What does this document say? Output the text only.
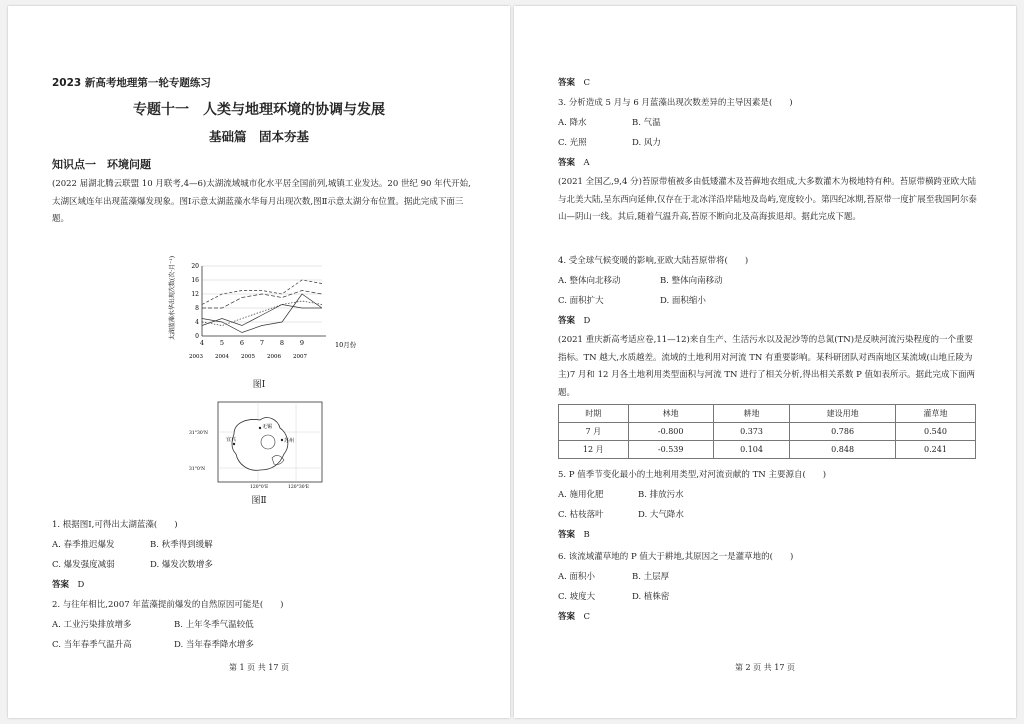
2023 新高考地理第一轮专题练习
专题十一　人类与地理环境的协调与发展
基础篇　固本夯基
知识点一　环境问题
(2022 届湖北腾云联盟 10 月联考,4—6)太湖流域城市化水平居全国前列,城镇工业发达。20 世纪 90 年代开始,太湖区域连年出现蓝藻爆发现象。图Ⅰ示意太湖蓝藻水华每月出现次数,图Ⅱ示意太湖分布位置。据此完成下面三题。
0
4
8
12
16
20
4 5 6 7 8 9
2003 2004 2005 2006 2007
太湖蓝藻水华出现次数(次·月⁻¹)
10月份
图Ⅰ
无锡
苏州
宜兴
31°30'N
31°0'N
120°0'E	120°30'E
图Ⅱ
1. 根据图Ⅰ,可得出太湖蓝藻(　　)
A. 春季推迟爆发	B. 秋季得到缓解
C. 爆发强度减弱	D. 爆发次数增多
答案　 D
2. 与往年相比,2007 年蓝藻提前爆发的自然原因可能是(　　)
A. 工业污染排放增多	B. 上年冬季气温较低
C. 当年春季气温升高	D. 当年春季降水增多
第 1 页 共 17 页
答案　 C
3. 分析造成 5 月与 6 月蓝藻出现次数差异的主导因素是(　　)
A. 降水	B. 气温
C. 光照	D. 风力
答案　 A
(2021 全国乙,9,4 分)苔原带植被多由低矮灌木及苔藓地衣组成,大多数灌木为极地特有种。苔原带横跨亚欧大陆与北美大陆,呈东西向延伸,仅存在于北冰洋沿岸陆地及岛屿,宽度较小。第四纪冰期,苔原带一度扩展至我国阿尔泰山—阴山一线。其后,随着气温升高,苔原不断向北及高海拔退却。据此完成下题。
4. 受全球气候变暖的影响,亚欧大陆苔原带将(　　)
A. 整体向北移动	B. 整体向南移动
C. 面积扩大	D. 面积缩小
答案　 D
(2021 重庆新高考适应卷,11—12)来自生产、生活污水以及泥沙等的总氮(TN)是反映河流污染程度的一个重要指标。TN 越大,水质越差。流域的土地利用对河流 TN 有重要影响。某科研团队对西南地区某流域(山地丘陵为主)7 月和 12 月各土地利用类型面积与河流 TN 进行了相关分析,得出相关系数 P 值如表所示。据此完成下面两题。
时期	林地	耕地	建设用地	灌草地
7 月	-0.800	0.373	0.786	0.540
12 月	-0.539	0.104	0.848	0.241
5. P 值季节变化最小的土地利用类型,对河流贡献的 TN 主要源自(　　)
A. 施用化肥	B. 排放污水
C. 枯枝落叶	D. 大气降水
答案　 B
6. 该流域灌草地的 P 值大于耕地,其原因之一是灌草地的(　　)
A. 面积小	B. 土层厚
C. 坡度大	D. 植株密
答案　 C
第 2 页 共 17 页
